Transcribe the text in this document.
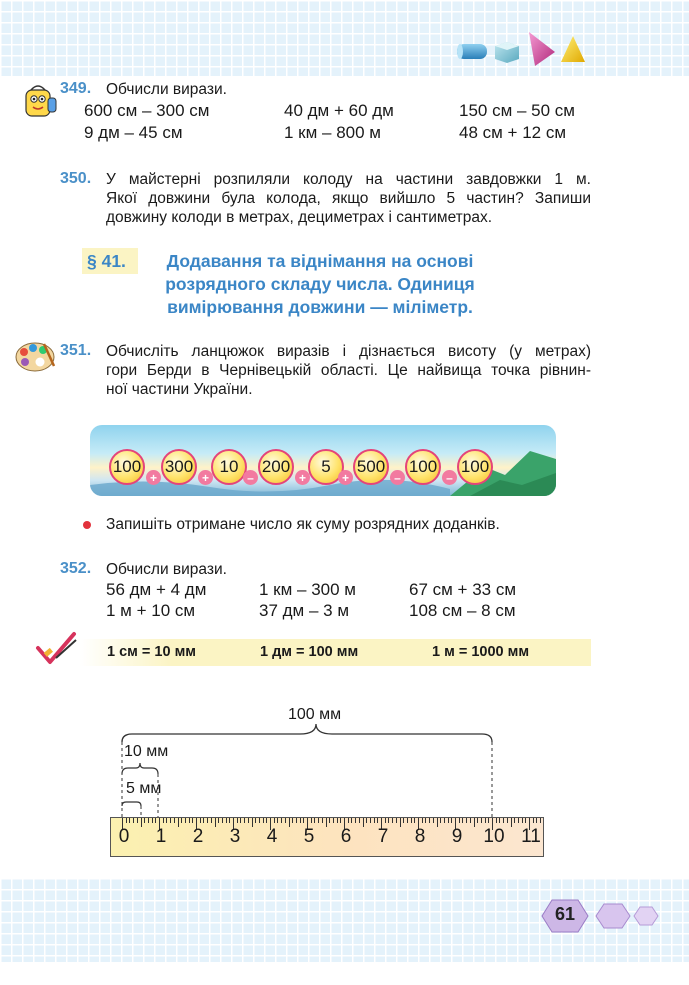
349. Обчисли вирази.
600 см – 300 см	40 дм + 60 дм	150 см – 50 см
9 дм – 45 см	1 км – 800 м	48 см + 12 см
350. У майстерні розпиляли колоду на частини завдовжки 1 м.
Якої довжини була колода, якщо вийшло 5 частин? Запиши
довжину колоди в метрах, дециметрах і сантиметрах.
§ 41.	Додавання та віднімання на основі
розрядного складу числа. Одиниця
вимірювання довжини — міліметр.
351. Обчисліть ланцюжок виразів і дізнається висоту (у метрах)
гори Берди в Чернівецькій області. Це найвища точка рівнин-
ної частини України.
100
+
300
+
10
–
200
+
5
+
500
–
100
–
100
Запишіть отримане число як суму розрядних доданків.
352. Обчисли вирази.
56 дм + 4 дм	1 км – 300 м	67 см + 33 см
1 м + 10 см	37 дм – 3 м	108 см – 8 см
1 см = 10 мм	1 дм = 100 мм	1 м = 1000 мм
100 мм
10 мм
5 мм
0 1 2 3 4 5 6 7 8 9 10 11
61
